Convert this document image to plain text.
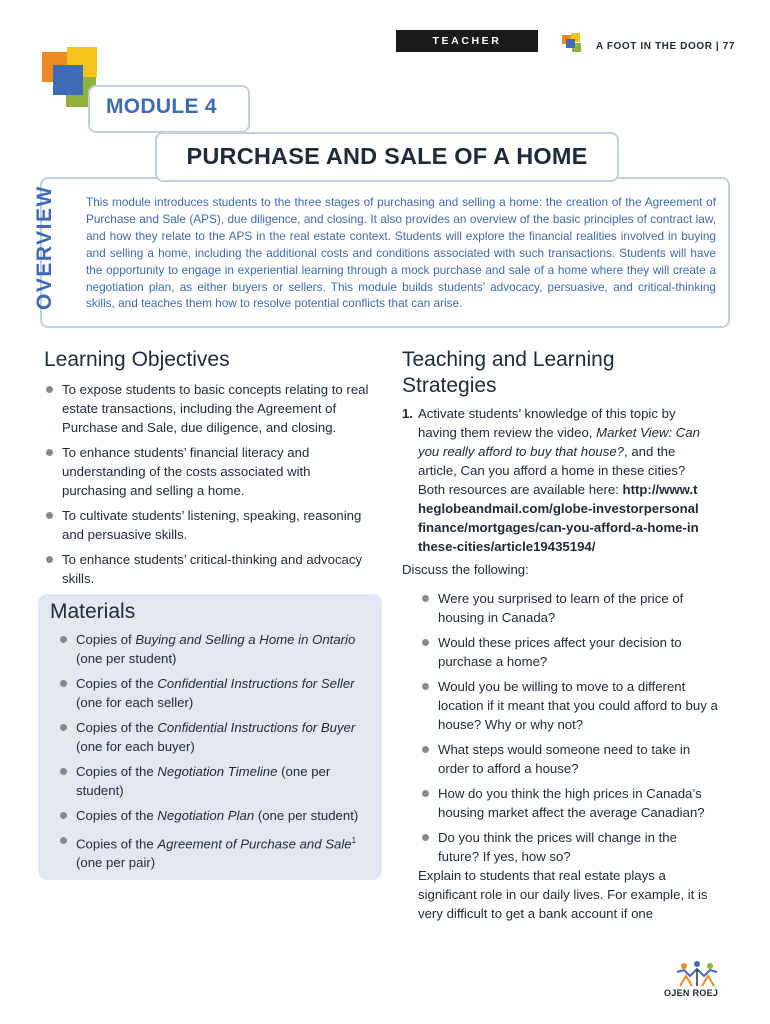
TEACHER RESOURCE
A FOOT IN THE DOOR | 77
MODULE 4
PURCHASE AND SALE OF A HOME
OVERVIEW	This module introduces students to the three stages of purchasing and selling a home: the creation of the Agreement of Purchase and Sale (APS), due diligence, and closing. It also provides an overview of the basic principles of contract law, and how they relate to the APS in the real estate context. Students will explore the financial realities involved in buying and selling a home, including the additional costs and conditions associated with such transactions. Students will have the opportunity to engage in experiential learning through a mock purchase and sale of a home where they will create a negotiation plan, as either buyers or sellers. This module builds students’ advocacy, persuasive, and critical-thinking skills, and teaches them how to resolve potential conflicts that can arise.
Learning Objectives
To expose students to basic concepts relating to real estate transactions, including the Agreement of Purchase and Sale, due diligence, and closing.
To enhance students’ financial literacy and understanding of the costs associated with purchasing and selling a home.
To cultivate students’ listening, speaking, reasoning and persuasive skills.
To enhance students’ critical-thinking and advocacy skills.
Materials
Copies of Buying and Selling a Home in Ontario (one per student)
Copies of the Confidential Instructions for Seller (one for each seller)
Copies of the Confidential Instructions for Buyer (one for each buyer)
Copies of the Negotiation Timeline (one per student)
Copies of the Negotiation Plan (one per student)
Copies of the Agreement of Purchase and Sale$^1$ (one per pair)
Teaching and Learning
Strategies
1. Activate students’ knowledge of this topic by having them review the video, Market View: Can you really afford to buy that house?, and the article, Can you afford a home in these cities? Both resources are available here: http://www.theglobeandmail.com/globe-investorpersonalfinance/mortgages/can-you-afford-a-home-inthese-cities/article19435194/
Discuss the following:
Were you surprised to learn of the price of housing in Canada?
Would these prices affect your decision to purchase a home?
Would you be willing to move to a different location if it meant that you could afford to buy a house? Why or why not?
What steps would someone need to take in order to afford a house?
How do you think the high prices in Canada’s housing market affect the average Canadian?
Do you think the prices will change in the future? If yes, how so?
Explain to students that real estate plays a significant role in our daily lives. For example, it is very difficult to get a bank account if one
OJEN ROEJ
